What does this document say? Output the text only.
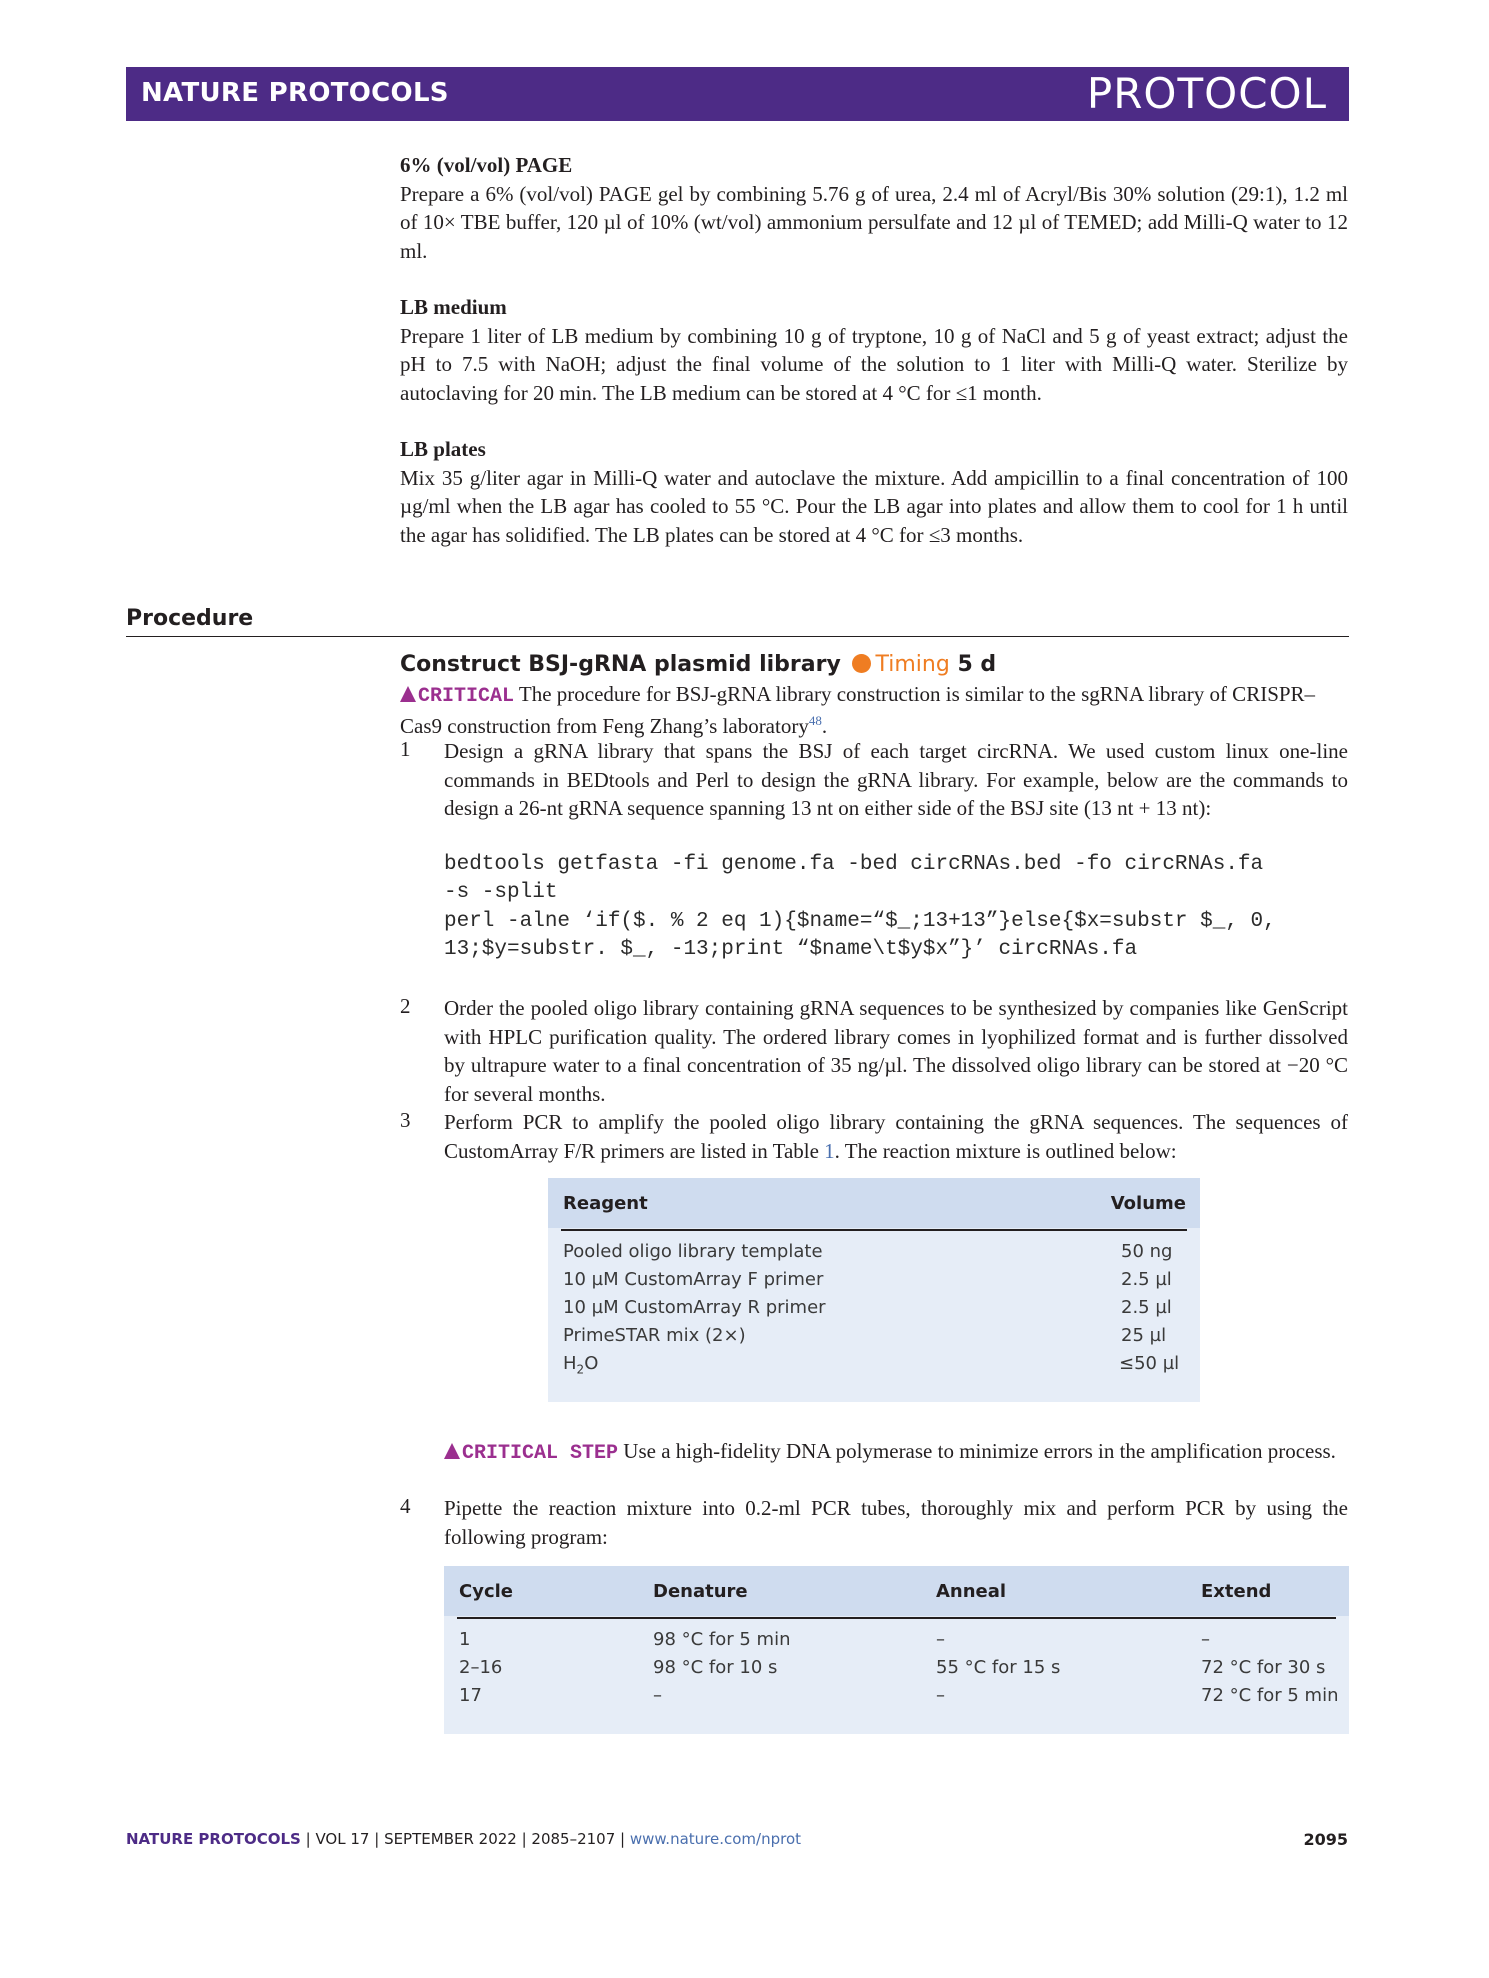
NATURE PROTOCOLS	PROTOCOL
6% (vol/vol) PAGE
Prepare a 6% (vol/vol) PAGE gel by combining 5.76 g of urea, 2.4 ml of Acryl/Bis 30% solution (29:1), 1.2 ml of 10× TBE buffer, 120 µl of 10% (wt/vol) ammonium persulfate and 12 µl of TEMED; add Milli-Q water to 12 ml.
LB medium
Prepare 1 liter of LB medium by combining 10 g of tryptone, 10 g of NaCl and 5 g of yeast extract; adjust the pH to 7.5 with NaOH; adjust the final volume of the solution to 1 liter with Milli-Q water. Sterilize by autoclaving for 20 min. The LB medium can be stored at 4 °C for ≤1 month.
LB plates
Mix 35 g/liter agar in Milli-Q water and autoclave the mixture. Add ampicillin to a final concentration of 100 µg/ml when the LB agar has cooled to 55 °C. Pour the LB agar into plates and allow them to cool for 1 h until the agar has solidified. The LB plates can be stored at 4 °C for ≤3 months.
Procedure
Construct BSJ-gRNA plasmid library Timing 5 d
CRITICAL The procedure for BSJ-gRNA library construction is similar to the sgRNA library of CRISPR–Cas9 construction from Feng Zhang’s laboratory$^{48}$.
1 Design a gRNA library that spans the BSJ of each target circRNA. We used custom linux one-line commands in BEDtools and Perl to design the gRNA library. For example, below are the commands to design a 26-nt gRNA sequence spanning 13 nt on either side of the BSJ site (13 nt + 13 nt):
bedtools getfasta -fi genome.fa -bed circRNAs.bed -fo circRNAs.fa
-s -split
perl -alne ‘if($. % 2 eq 1){$name=“$_;13+13”}else{$x=substr $_, 0,
13;$y=substr. $_, -13;print “$name\t$y$x”}’ circRNAs.fa
2 Order the pooled oligo library containing gRNA sequences to be synthesized by companies like GenScript with HPLC purification quality. The ordered library comes in lyophilized format and is further dissolved by ultrapure water to a final concentration of 35 ng/µl. The dissolved oligo library can be stored at −20 °C for several months.
3 Perform PCR to amplify the pooled oligo library containing the gRNA sequences. The sequences of CustomArray F/R primers are listed in Table 1. The reaction mixture is outlined below:
Reagent	Volume
Pooled oligo library template	50 ng
10 µM CustomArray F primer	2.5 µl
10 µM CustomArray R primer	2.5 µl
PrimeSTAR mix (2×)	25 µl
$H_2O$	≤50 µl
CRITICAL STEP Use a high-fidelity DNA polymerase to minimize errors in the amplification process.
4 Pipette the reaction mixture into 0.2-ml PCR tubes, thoroughly mix and perform PCR by using the following program:
Cycle	Denature	Anneal	Extend
1	98 °C for 5 min	–	–
2–16	98 °C for 10 s	55 °C for 15 s	72 °C for 30 s
17	–	–	72 °C for 5 min
NATURE PROTOCOLS | VOL 17 | SEPTEMBER 2022 | 2085–2107 | www.nature.com/nprot	2095
